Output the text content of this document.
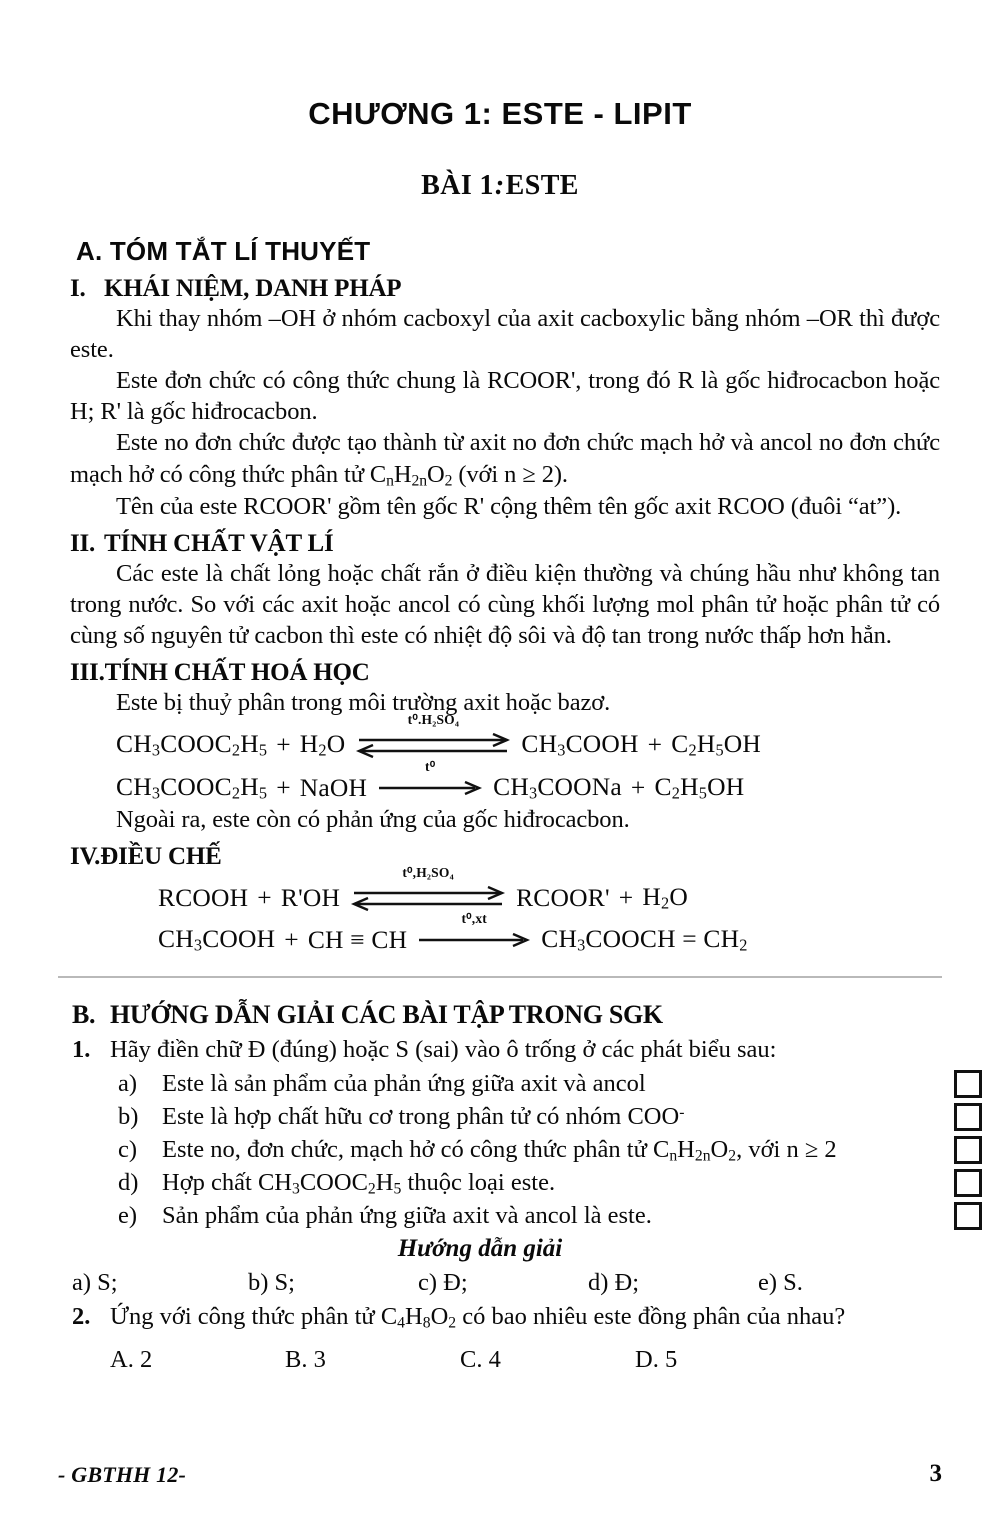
CHƯƠNG 1: ESTE - LIPIT
BÀI 1:ESTE
A. TÓM TẮT LÍ THUYẾT
I. KHÁI NIỆM, DANH PHÁP

Khi thay nhóm –OH ở nhóm cacboxyl của axit cacboxylic bằng nhóm –OR thì được este.

Este đơn chức có công thức chung là RCOOR', trong đó R là gốc hiđrocacbon hoặc H; R' là gốc hiđrocacbon.

Este no đơn chức được tạo thành từ axit no đơn chức mạch hở và ancol no đơn chức mạch hở có công thức phân tử $C_nH_{2n}O_2$ (với n ≥ 2).

Tên của este RCOOR' gồm tên gốc R' cộng thêm tên gốc axit RCOO (đuôi “at”).

II. TÍNH CHẤT VẬT LÍ

Các este là chất lỏng hoặc chất rắn ở điều kiện thường và chúng hầu như không tan trong nước. So với các axit hoặc ancol có cùng khối lượng mol phân tử hoặc phân tử có cùng số nguyên tử cacbon thì este có nhiệt độ sôi và độ tan trong nước thấp hơn hẳn.

III.TÍNH CHẤT HOÁ HỌC

Este bị thuỷ phân trong môi trường axit hoặc bazơ.

$CH_3COOC_2H_5 + H_2O$
t⁰.H₂SO₄
$CH_3COOH + C_2H_5OH$
$CH_3COOC_2H_5$ + NaOH
t⁰
$CH_3COONa + C_2H_5OH$

Ngoài ra, este còn có phản ứng của gốc hiđrocacbon.

IV.ĐIỀU CHẾ
RCOOH + R'OH
t⁰,H₂SO₄
RCOOR' + $H_2O$
$CH_3COOH$ + CH ≡ CH
t⁰,xt
$CH_3COOCH = CH_2$
B. HƯỚNG DẪN GIẢI CÁC BÀI TẬP TRONG SGK
1. Hãy điền chữ Đ (đúng) hoặc S (sai) vào ô trống ở các phát biểu sau:
a)	Este là sản phẩm của phản ứng giữa axit và ancol
b) Este là hợp chất hữu cơ trong phân tử có nhóm COO-
c)	Este no, đơn chức, mạch hở có công thức phân tử $C_nH_{2n}O_2$, với n ≥ 2
d) Hợp chất $CH_3COOC_2H_5$ thuộc loại este.
e)	Sản phẩm của phản ứng giữa axit và ancol là este.

Hướng dẫn giải

a) S;	b) S;	c) Đ;	d) Đ;	e) S.
2. Ứng với công thức phân tử $C_4H_8O_2$ có bao nhiêu este đồng phân của nhau?
A. 2	B. 3	C. 4	D. 5
- GBTHH 12-	3
